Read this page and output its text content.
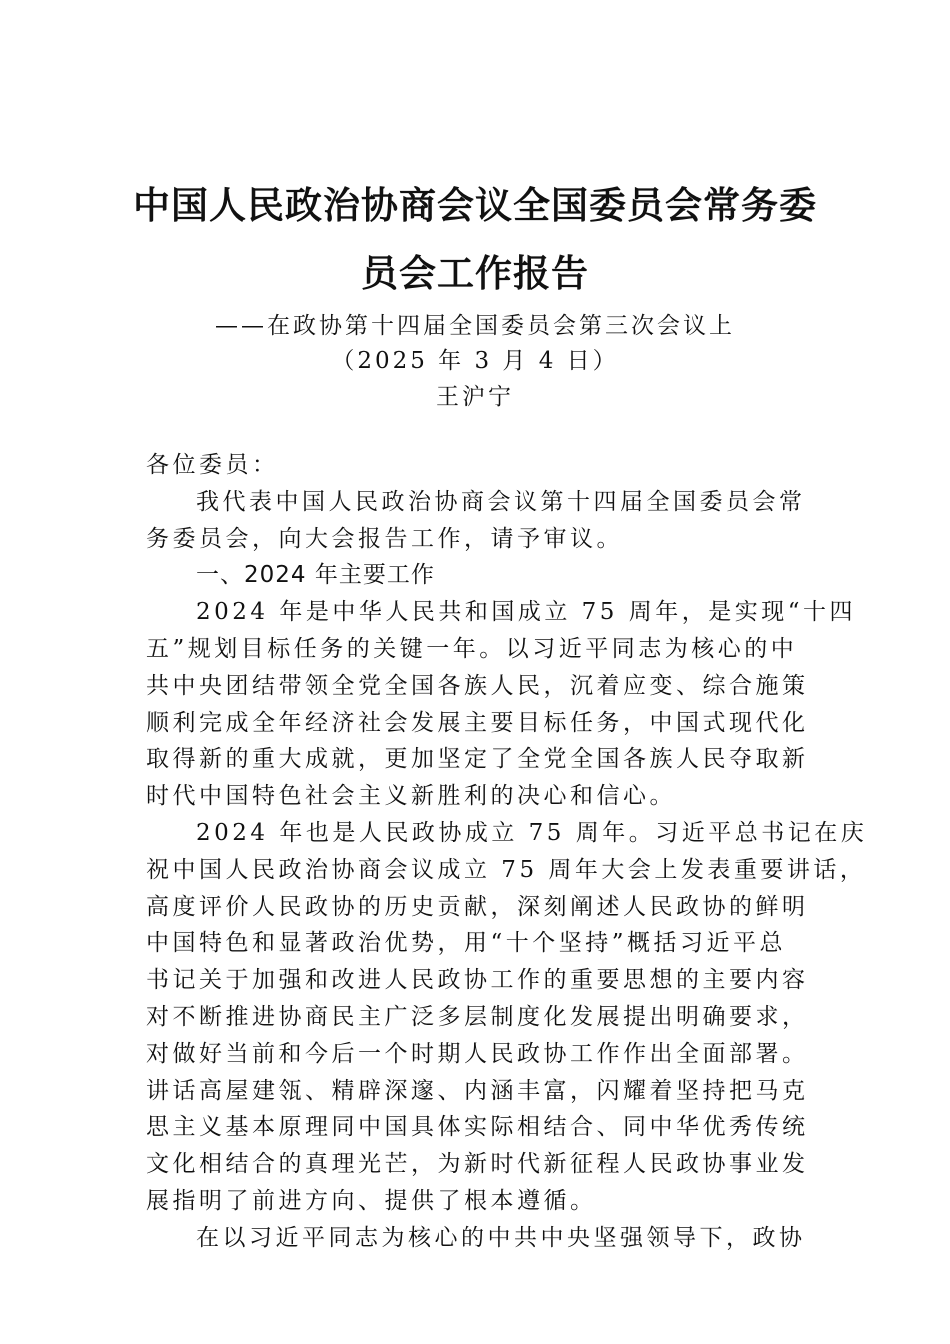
中国人民政治协商会议全国委员会常务委
员会工作报告
——在政协第十四届全国委员会第三次会议上
（2025 年 3 月 4 日）
王沪宁
各位委员：
我代表中国人民政治协商会议第十四届全国委员会常
务委员会，向大会报告工作，请予审议。
一、2024 年主要工作
2024 年是中华人民共和国成立 75 周年，是实现“十四
五”规划目标任务的关键一年。以习近平同志为核心的中
共中央团结带领全党全国各族人民，沉着应变、综合施策
顺利完成全年经济社会发展主要目标任务，中国式现代化
取得新的重大成就，更加坚定了全党全国各族人民夺取新
时代中国特色社会主义新胜利的决心和信心。
2024 年也是人民政协成立 75 周年。习近平总书记在庆
祝中国人民政治协商会议成立 75 周年大会上发表重要讲话，
高度评价人民政协的历史贡献，深刻阐述人民政协的鲜明
中国特色和显著政治优势，用“十个坚持”概括习近平总
书记关于加强和改进人民政协工作的重要思想的主要内容
对不断推进协商民主广泛多层制度化发展提出明确要求，
对做好当前和今后一个时期人民政协工作作出全面部署。
讲话高屋建瓴、精辟深邃、内涵丰富，闪耀着坚持把马克
思主义基本原理同中国具体实际相结合、同中华优秀传统
文化相结合的真理光芒，为新时代新征程人民政协事业发
展指明了前进方向、提供了根本遵循。
在以习近平同志为核心的中共中央坚强领导下，政协
